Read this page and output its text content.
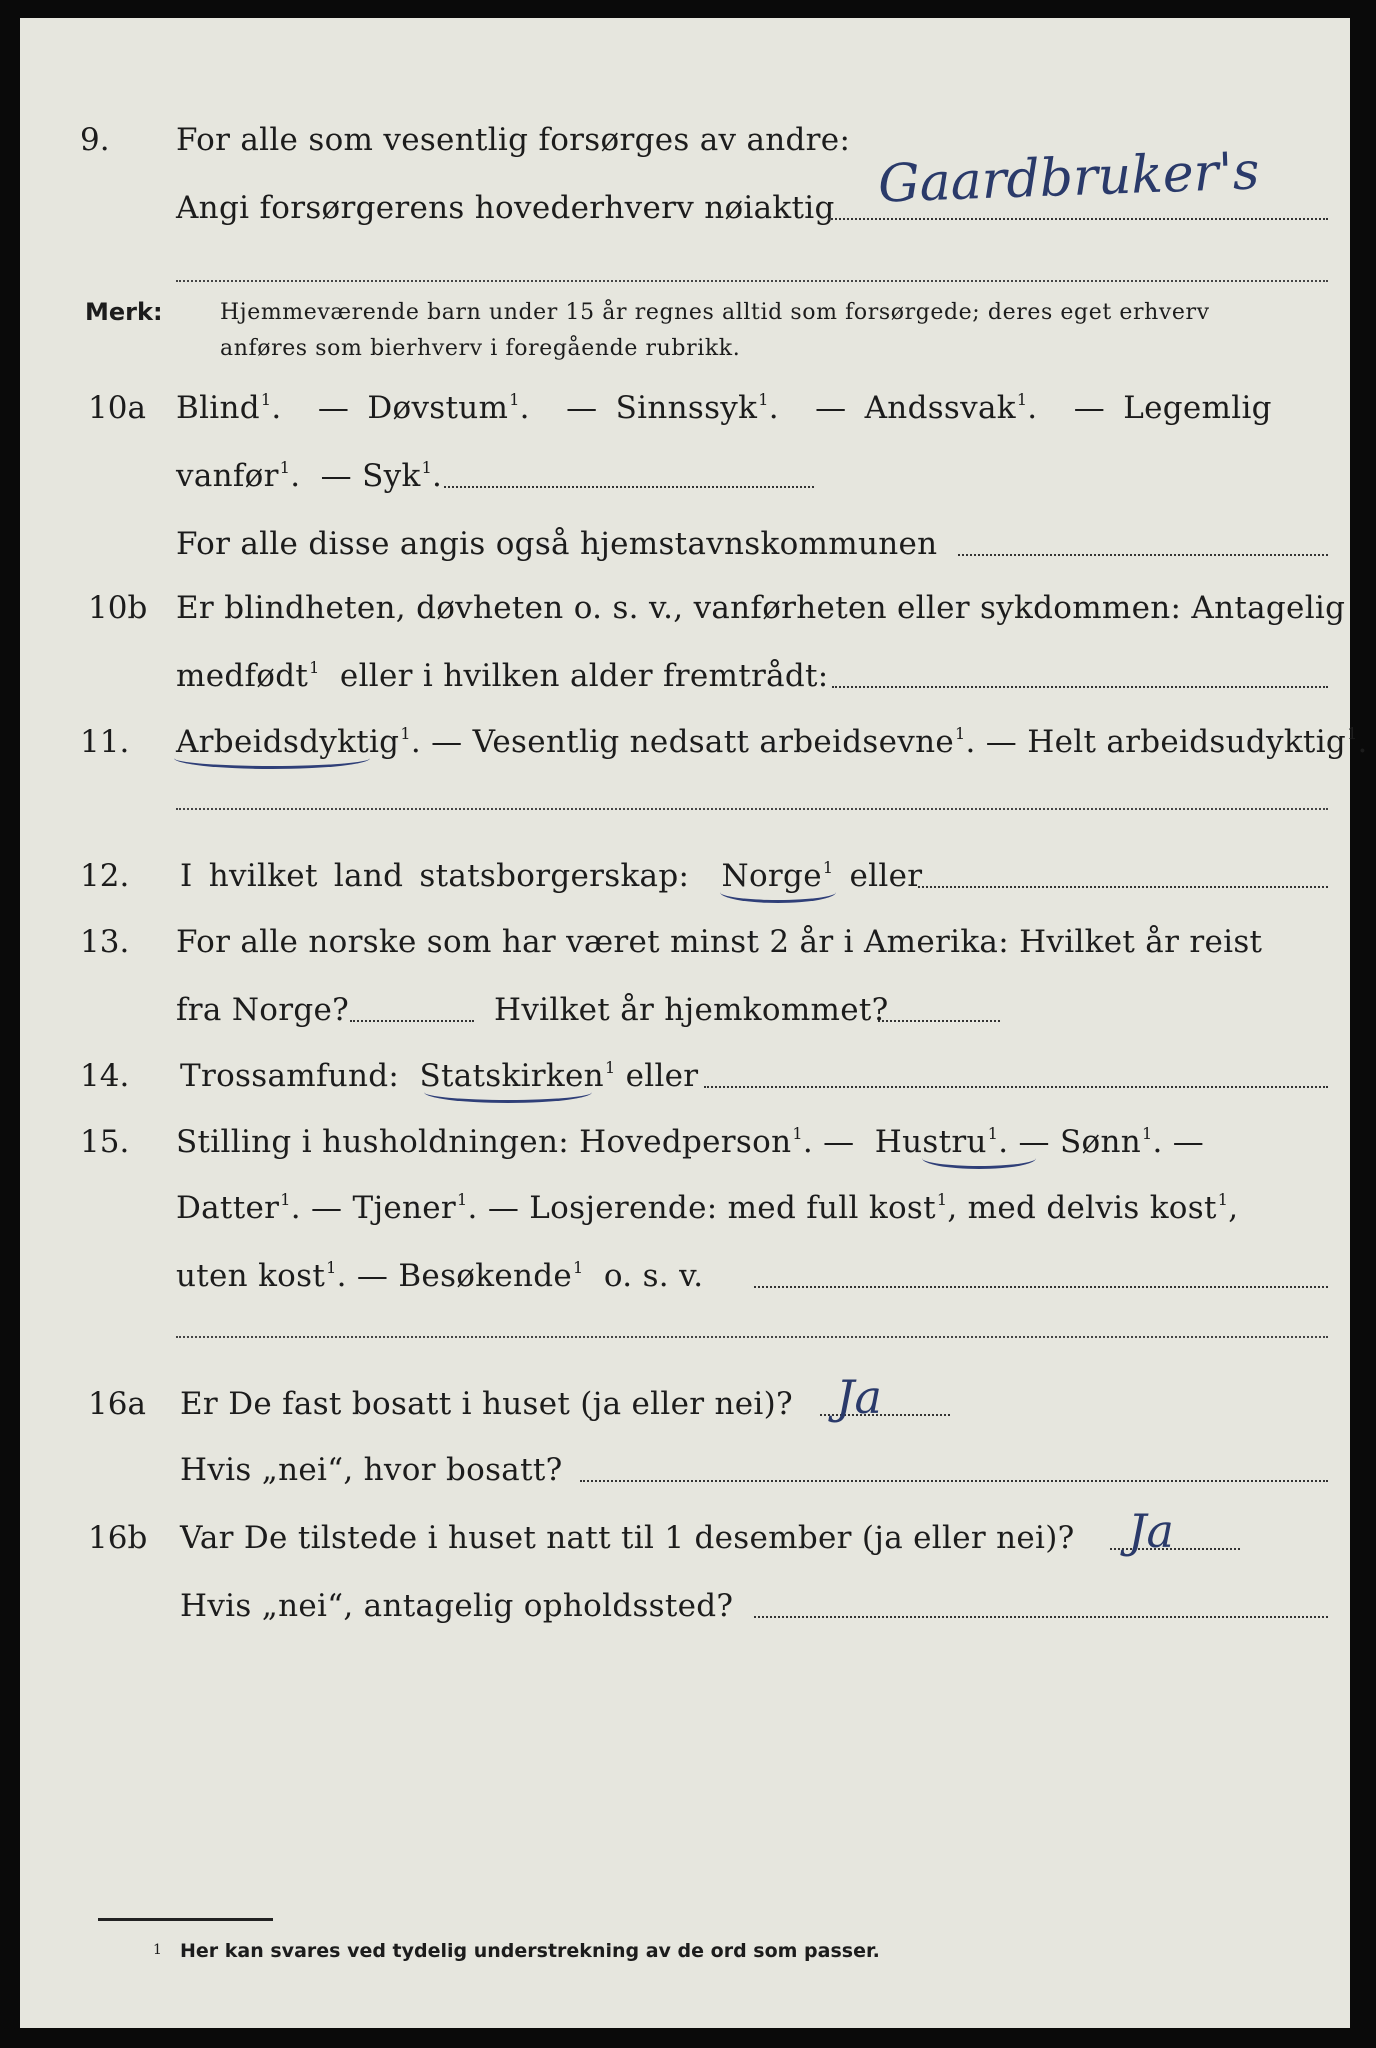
9. For alle som vesentlig forsørges av andre:
Angi forsørgerens hovederhverv nøiaktig Gaardbruker's
Merk:	Hjemmeværende barn under 15 år regnes alltid som forsørgede; deres eget erhverv
anføres som bierhverv i foregående rubrikk.
10a Blind$^1$.  — Døvstum$^1$.  — Sinnssyk$^1$.  — Andssvak$^1$.  — Legemlig
vanfør$^1$.  — Syk$^1$.
For alle disse angis også hjemstavnskommunen
10b Er blindheten, døvheten o. s. v., vanførheten eller sykdommen: Antagelig
medfødt$^1$ eller i hvilken alder fremtrådt:
11. Arbeidsdyktig$^1$. — Vesentlig nedsatt arbeidsevne$^1$. — Helt arbeidsudyktig$^1$.
12. I hvilket land statsborgerskap: Norge$^1$ eller
13. For alle norske som har været minst 2 år i Amerika: Hvilket år reist
fra Norge?	Hvilket år hjemkommet?
14. Trossamfund: Statskirken$^1$ eller
15. Stilling i husholdningen: Hovedperson$^1$. — Hustru$^1$. — Sønn$^1$. —
Datter$^1$. — Tjener$^1$. — Losjerende: med full kost$^1$, med delvis kost$^1$,
uten kost$^1$. — Besøkende$^1$ o. s. v.
16a Er De fast bosatt i huset (ja eller nei)? Ja
Hvis „nei“, hvor bosatt?
16b Var De tilstede i huset natt til 1 desember (ja eller nei)? Ja
Hvis „nei“, antagelig opholdssted?
1 Her kan svares ved tydelig understrekning av de ord som passer.
